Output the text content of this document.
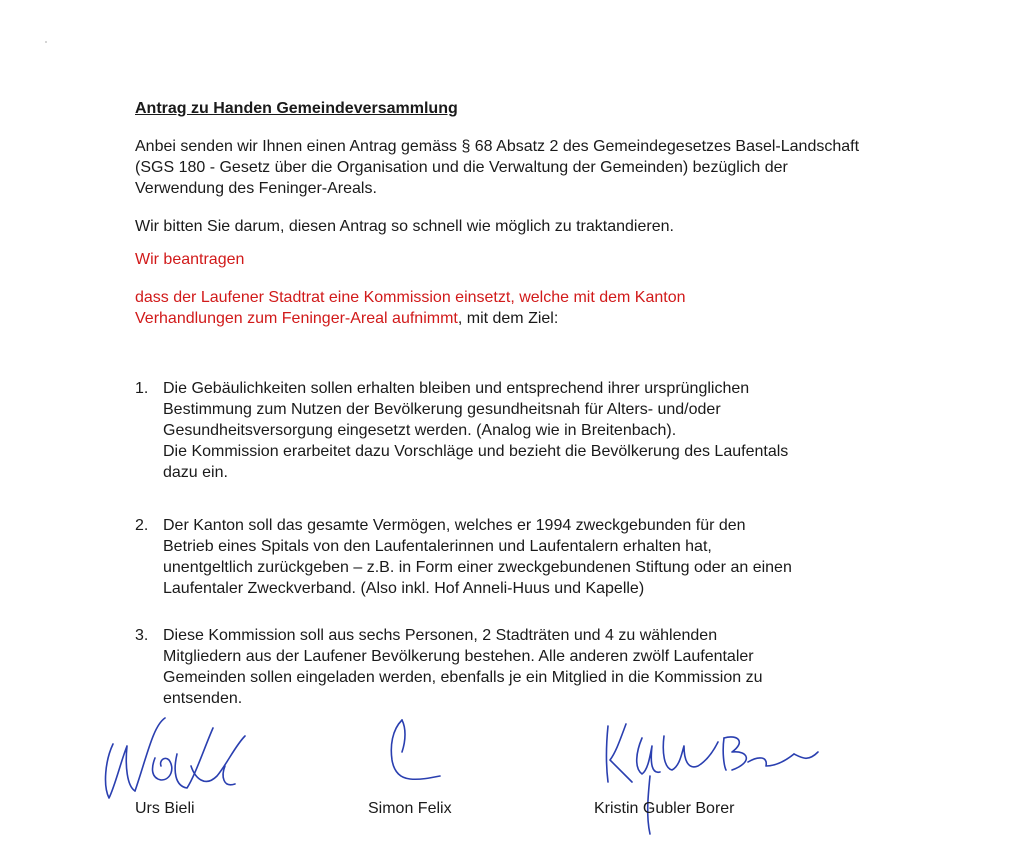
Antrag zu Handen Gemeindeversammlung

Anbei senden wir Ihnen einen Antrag gemäss § 68 Absatz 2 des Gemeindegesetzes Basel-Landschaft (SGS 180 - Gesetz über die Organisation und die Verwaltung der Gemeinden) bezüglich der Verwendung des Feninger-Areals.

Wir bitten Sie darum, diesen Antrag so schnell wie möglich zu traktandieren.

Wir beantragen

dass der Laufener Stadtrat eine Kommission einsetzt, welche mit dem Kanton Verhandlungen zum Feninger-Areal aufnimmt, mit dem Ziel:

1. Die Gebäulichkeiten sollen erhalten bleiben und entsprechend ihrer ursprünglichen
Bestimmung zum Nutzen der Bevölkerung gesundheitsnah für Alters- und/oder
Gesundheitsversorgung eingesetzt werden. (Analog wie in Breitenbach).
Die Kommission erarbeitet dazu Vorschläge und bezieht die Bevölkerung des Laufentals
dazu ein.
2. Der Kanton soll das gesamte Vermögen, welches er 1994 zweckgebunden für den
Betrieb eines Spitals von den Laufentalerinnen und Laufentalern erhalten hat,
unentgeltlich zurückgeben – z.B. in Form einer zweckgebundenen Stiftung oder an einen
Laufentaler Zweckverband. (Also inkl. Hof Anneli-Huus und Kapelle)
3. Diese Kommission soll aus sechs Personen, 2 Stadträten und 4 zu wählenden
Mitgliedern aus der Laufener Bevölkerung bestehen. Alle anderen zwölf Laufentaler
Gemeinden sollen eingeladen werden, ebenfalls je ein Mitglied in die Kommission zu
entsenden.
Urs Bieli	Simon Felix	Kristin Gubler Borer
